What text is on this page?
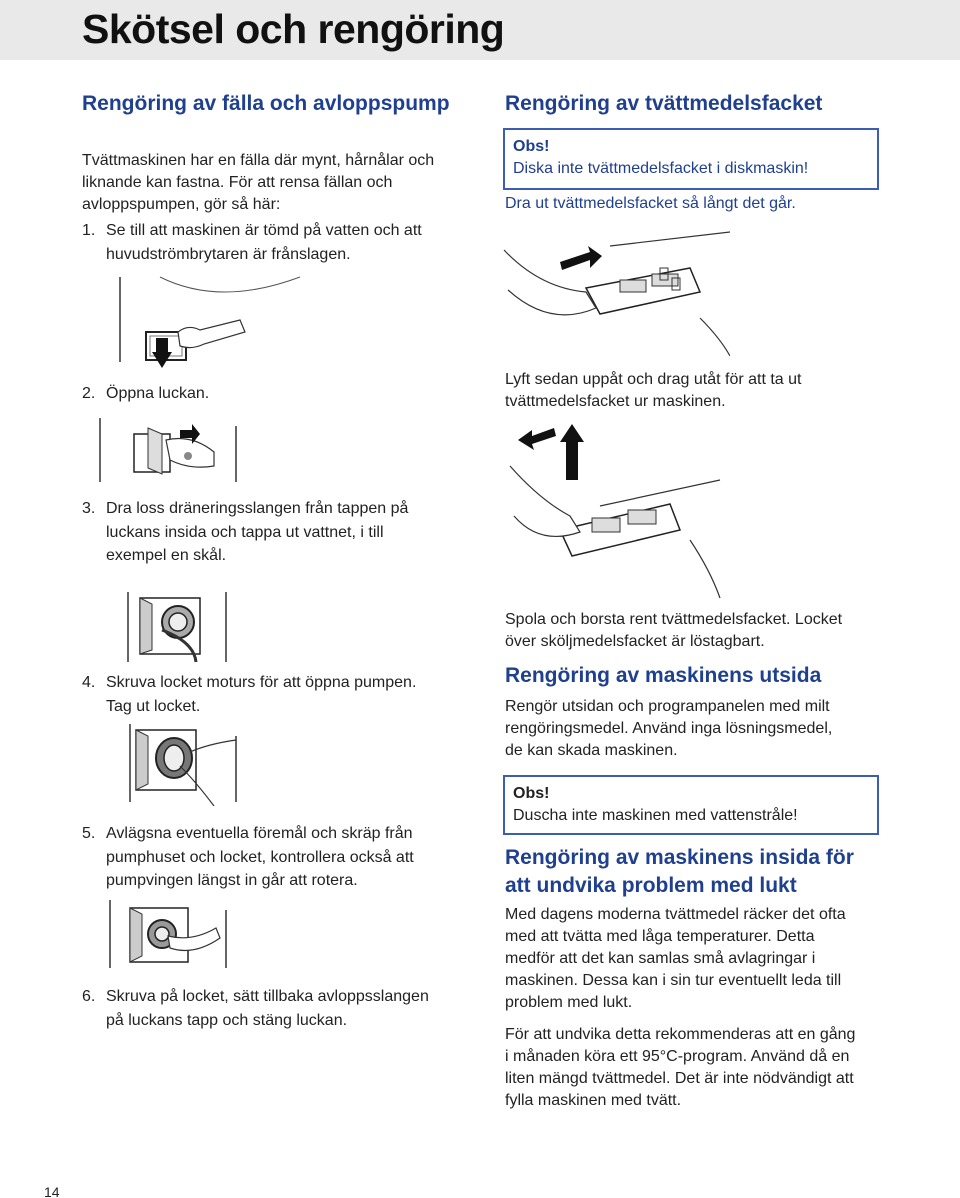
Skötsel och rengöring
Rengöring av fälla och avloppspump
Tvättmaskinen har en fälla där mynt, hårnålar och
liknande kan fastna. För att rensa fällan och
avloppspumpen, gör så här:
1. Se till att maskinen är tömd på vatten och att
huvudströmbrytaren är frånslagen.
2. Öppna luckan.
3. Dra loss dräneringsslangen från tappen på
luckans insida och tappa ut vattnet, i till
exempel en skål.
4. Skruva locket moturs för att öppna pumpen.
Tag ut locket.
5. Avlägsna eventuella föremål och skräp från
pumphuset och locket, kontrollera också att
pumpvingen längst in går att rotera.
6. Skruva på locket, sätt tillbaka avloppsslangen
på luckans tapp och stäng luckan.
Rengöring av tvättmedelsfacket
Obs!
Diska inte tvättmedelsfacket i diskmaskin!
Dra ut tvättmedelsfacket så långt det går.
Lyft sedan uppåt och drag utåt för att ta ut
tvättmedelsfacket ur maskinen.
Spola och borsta rent tvättmedelsfacket. Locket
över sköljmedelsfacket är löstagbart.
Rengöring av maskinens utsida
Rengör utsidan och programpanelen med milt
rengöringsmedel. Använd inga lösningsmedel,
de kan skada maskinen.
Obs!
Duscha inte maskinen med vattenstråle!
Rengöring av maskinens insida för
att undvika problem med lukt
Med dagens moderna tvättmedel räcker det ofta
med att tvätta med låga temperaturer. Detta
medför att det kan samlas små avlagringar i
maskinen. Dessa kan i sin tur eventuellt leda till
problem med lukt.
För att undvika detta rekommenderas att en gång
i månaden köra ett 95°C-program. Använd då en
liten mängd tvättmedel. Det är inte nödvändigt att
fylla maskinen med tvätt.
14
